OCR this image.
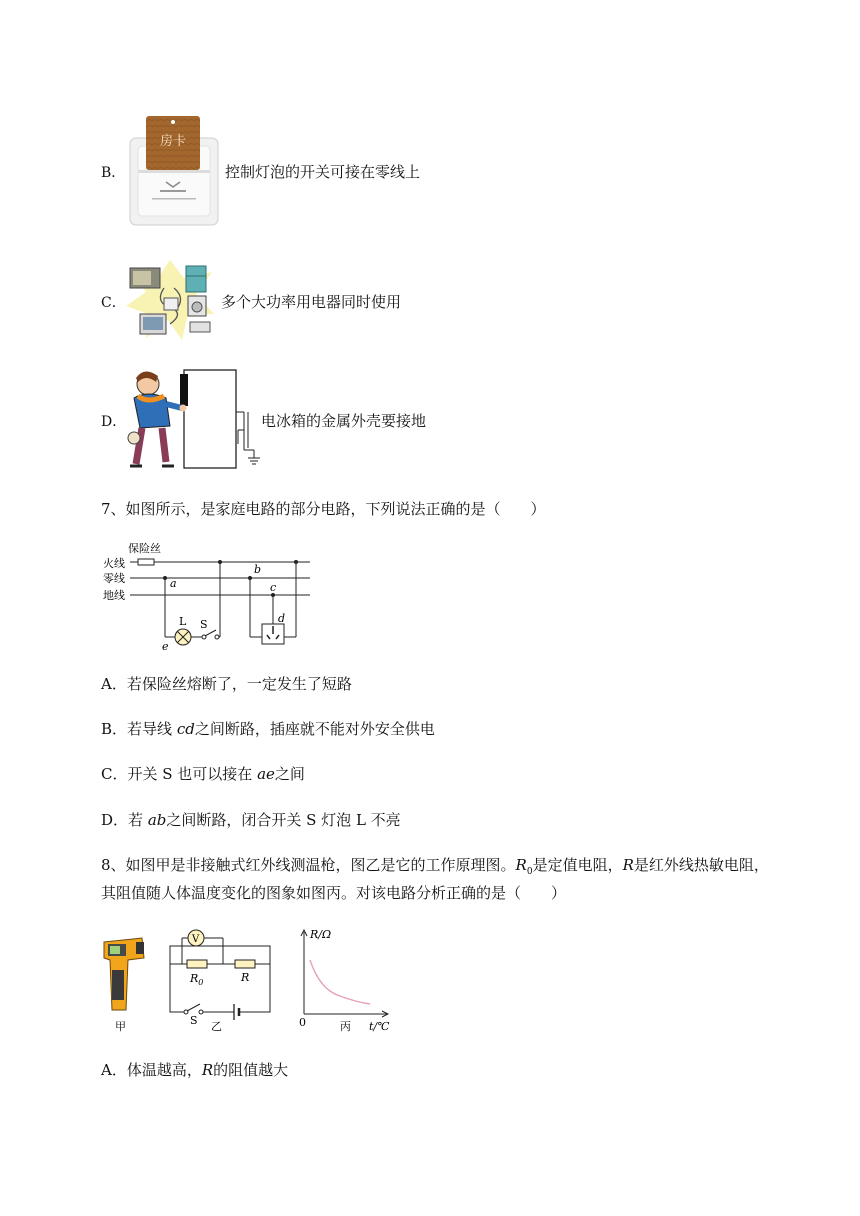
B．
房卡
控制灯泡的开关可接在零线上
C．	多个大功率用电器同时使用
D．	电冰箱的金属外壳要接地
7、如图所示，是家庭电路的部分电路，下列说法正确的是（　　）
保险丝
火线
零线
地线
a
e
L S
b
c
d
A．若保险丝熔断了，一定发生了短路
B．若导线 cd之间断路，插座就不能对外安全供电
C．开关 S 也可以接在 ae之间
D．若 ab之间断路，闭合开关 S 灯泡 L 不亮
8、如图甲是非接触式红外线测温枪，图乙是它的工作原理图。$R_0$是定值电阻，R是红外线热敏电阻，
其阻值随人体温度变化的图象如图丙。对该电路分析正确的是（　　）
甲
V
$R_0$	R
S 乙
R/Ω
0	t/℃
丙
A．体温越高，R的阻值越大
